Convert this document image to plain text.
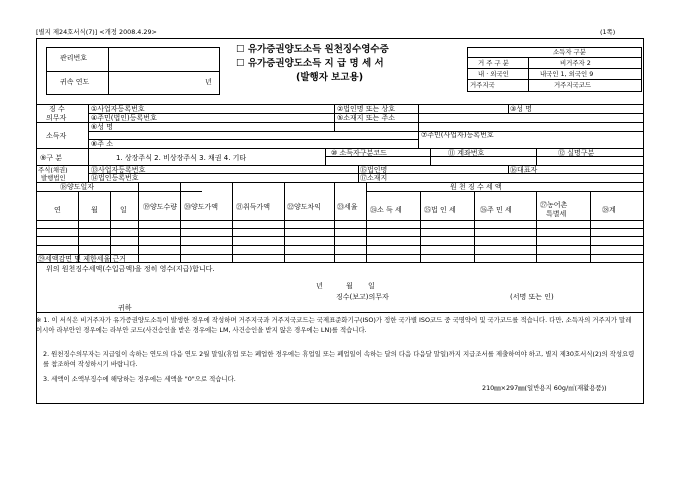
[별지 제24호서식(7)] <개정 2008.4.29>	(1쪽)
관리번호
귀속 연도	년
☐ 유가증권양도소득 원천징수영수증
☐ 유가증권양도소득 지 급 명 세 서
(발행자 보고용)
소득자 구분
거 주 구 분	비거주자 2
내 · 외국인	내국인 1, 외국인 9
거주지국	거주지국코드
징 수
의무자
①사업자등록번호	②법인명 또는 상호	③성 명
④주민(법인)등록번호	⑤소재지 또는 주소
소득자
⑥성 명
⑦주민(사업자)등록번호
⑧주 소
⑨구 분	1. 상장주식 2. 비상장주식 3. 채권 4. 기타
⑩ 소득자구분코드	⑪ 계좌번호	⑫ 실명구분
주식(채권)
발행법인
⑬사업자등록번호
⑭법인등록번호
⑮법인명	⑯대표자
⑰소재지
⑱양도일자
연	월	일 ⑲양도수량 ⑳양도가액	㉑취득가액 ㉒양도차익 ㉓세율
원 천 징 수 세 액
㉔소 득 세	㉕법 인 세	㉖주 민 세
㉗농어촌
특별세	㉘계
㉙세액감면 및 제한세율 근거
위의 원천징수세액(수입금액)을 정히 영수(지급)합니다.
년	월 일
징수(보고)의무자	(서명 또는 인)
귀하
※ 1. 이 서식은 비거주자가 유가증권양도소득이 발생한 경우에 작성하며 거주지국과 거주지국코드는 국제표준화기구(ISO)가 정한 국가별 ISO코드 중 국명약어 및 국가코드를 적습니다. 다만, 소득자의 거주지가 말레이시아 라부안인 경우에는 라부안 코드(사건승인을 받은 경우에는 LM, 사건승인을 받지 않은 경우에는 LN)를 적습니다.
2. 원천징수의무자는 지급일이 속하는 연도의 다음 연도 2월 말일(휴업 또는 폐업한 경우에는 휴업일 또는 폐업일이 속하는 달의 다음 다음달 말일)까지 지급조서를 제출하여야 하고, 별지 제30호서식(2)의 작성요령를 참조하여 작성하시기 바랍니다.
3. 세액이 소액부징수에 해당하는 경우에는 세액을 "0"으로 적습니다.
210㎜×297㎜(일반용지 60g/㎡(재활용품))
